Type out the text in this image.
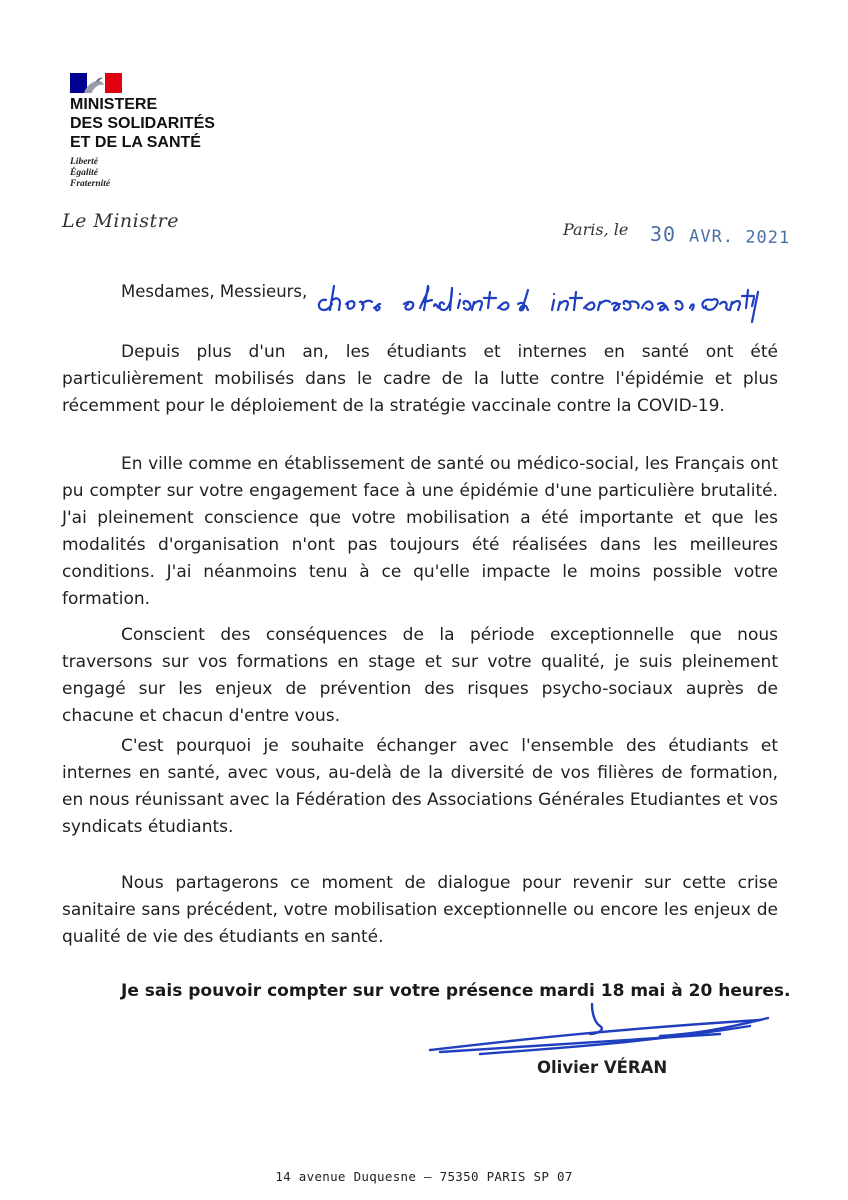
MINISTERE
DES SOLIDARITÉS
ET DE LA SANTÉ
Liberté
Égalité
Fraternité
Le Ministre	Paris, le 30 AVR. 2021
Mesdames, Messieurs,
Depuis plus d'un an, les étudiants et internes en santé ont été particulièrement mobilisés dans le cadre de la lutte contre l'épidémie et plus récemment pour le déploiement de la stratégie vaccinale contre la COVID-19.
En ville comme en établissement de santé ou médico-social, les Français ont pu compter sur votre engagement face à une épidémie d'une particulière brutalité. J'ai pleinement conscience que votre mobilisation a été importante et que les modalités d'organisation n'ont pas toujours été réalisées dans les meilleures conditions. J'ai néanmoins tenu à ce qu'elle impacte le moins possible votre formation.
Conscient des conséquences de la période exceptionnelle que nous traversons sur vos formations en stage et sur votre qualité, je suis pleinement engagé sur les enjeux de prévention des risques psycho-sociaux auprès de chacune et chacun d'entre vous.
C'est pourquoi je souhaite échanger avec l'ensemble des étudiants et internes en santé, avec vous, au-delà de la diversité de vos filières de formation, en nous réunissant avec la Fédération des Associations Générales Etudiantes et vos syndicats étudiants.
Nous partagerons ce moment de dialogue pour revenir sur cette crise sanitaire sans précédent, votre mobilisation exceptionnelle ou encore les enjeux de qualité de vie des étudiants en santé.
Je sais pouvoir compter sur votre présence mardi 18 mai à 20 heures.
Olivier VÉRAN
14 avenue Duquesne – 75350 PARIS SP 07
